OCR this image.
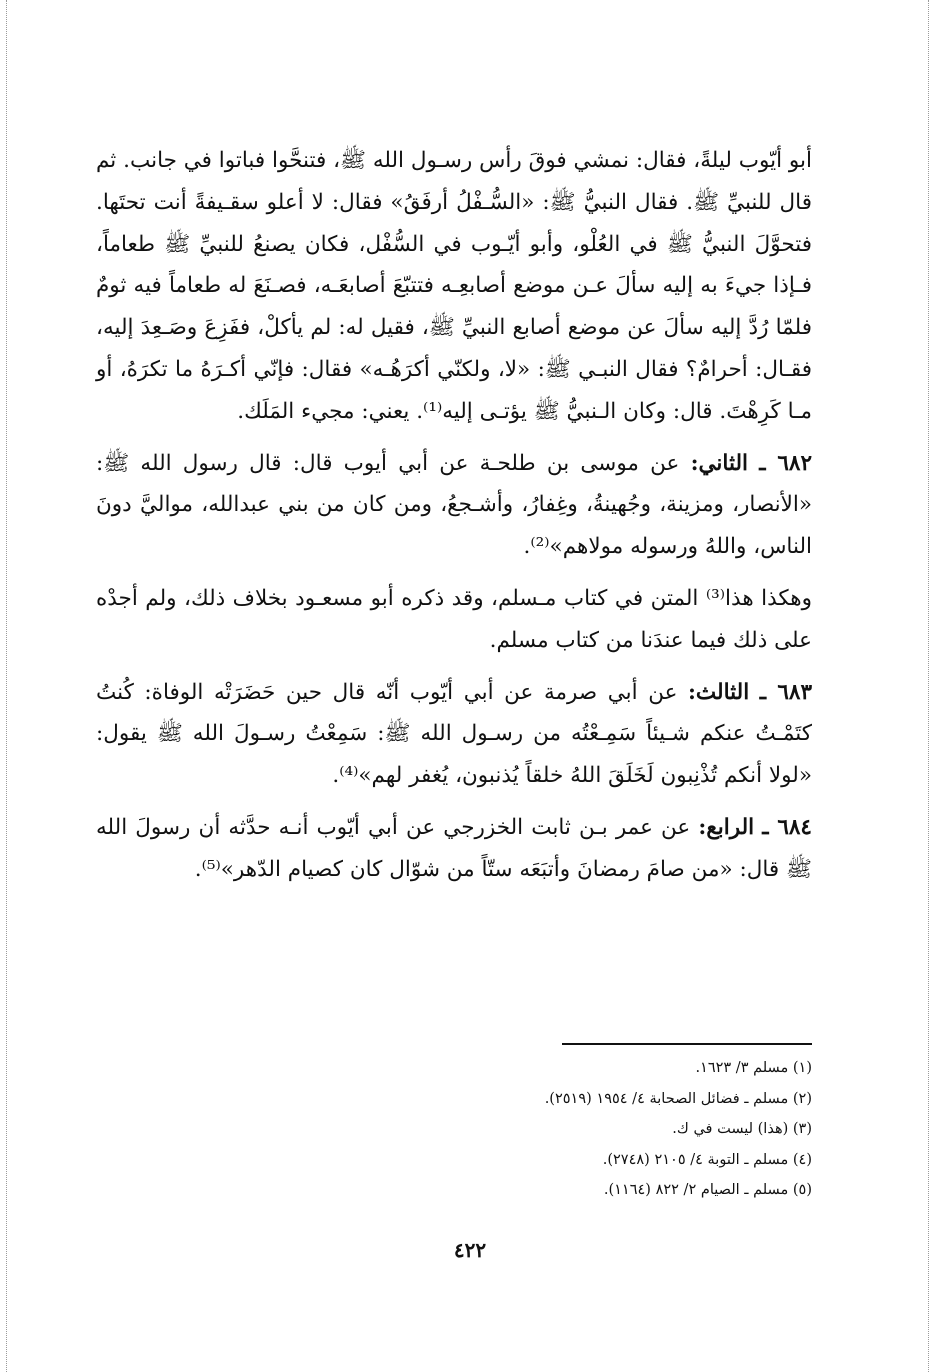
أبو أيّوب ليلةً، فقال: نمشي فوقَ رأس رسـول الله ﷺ، فتنحَّوا فباتوا في جانب. ثم قال للنبيِّ ﷺ. فقال النبيُّ ﷺ: «السُّـفْلُ أرفَقُ» فقال: لا أعلو سقـيفةً أنت تحتَها. فتحوَّلَ النبيُّ ﷺ في العُلْو، وأبو أيّـوب في السُّفْل، فكان يصنعُ للنبيِّ ﷺ طعاماً، فـإذا جيءَ به إليه سألَ عـن موضع أصابعِـه فتتبّعَ أصابعَـه، فصـنَعَ له طعاماً فيه ثومٌ فلمّا رُدَّ إليه سألَ عن موضع أصابع النبيِّ ﷺ، فقيل له: لم يأكلْ، ففَزِعَ وصَـعِدَ إليه، فقـال: أحرامٌ؟ فقال النبـي ﷺ: «لا، ولكنّي أكرَهُـه» فقال: فإنّي أكـرَهُ ما تكرَهُ، أو مـا كَرِهْتَ. قال: وكان الـنبيُّ ﷺ يؤتـى إليه⁽¹⁾. يعني: مجيء المَلَك.

٦٨٢ ـ الثاني: عن موسى بن طلحـة عن أبي أيوب قال: قال رسول الله ﷺ: «الأنصار، ومزينة، وجُهينةُ، وغِفارُ، وأشـجعُ، ومن كان من بني عبدالله، مواليَّ دونَ الناس، واللهُ ورسوله مولاهم»⁽²⁾.

وهكذا هذا⁽³⁾ المتن في كتاب مـسلم، وقد ذكره أبو مسعـود بخلاف ذلك، ولم أجدْه على ذلك فيما عندَنا من كتاب مسلم.

٦٨٣ ـ الثالث: عن أبي صرمة عن أبي أيّوب أنّه قال حين حَضَرَتْه الوفاة: كُنتُ كتَمْـتُ عنكم شـيئاً سَمِـعْتُه من رسـول الله ﷺ: سَمِعْتُ رسـولَ الله ﷺ يقول: «لولا أنكم تُذْنِبون لَخَلَقَ اللهُ خلقاً يُذنبون، يُغفر لهم»⁽⁴⁾.

٦٨٤ ـ الرابع: عن عمر بـن ثابت الخزرجي عن أبي أيّوب أنـه حدَّثه أن رسولَ الله ﷺ قال: «من صامَ رمضانَ وأتبَعَه ستّاً من شوّال كان كصيام الدّهر»⁽⁵⁾.

(١) مسلم ٣/ ١٦٢٣.

(٢) مسلم ـ فضائل الصحابة ٤/ ١٩٥٤ (٢٥١٩).

(٣) (هذا) ليست في ك.

(٤) مسلم ـ التوبة ٤/ ٢١٠٥ (٢٧٤٨).

(٥) مسلم ـ الصيام ٢/ ٨٢٢ (١١٦٤).

٤٢٢
